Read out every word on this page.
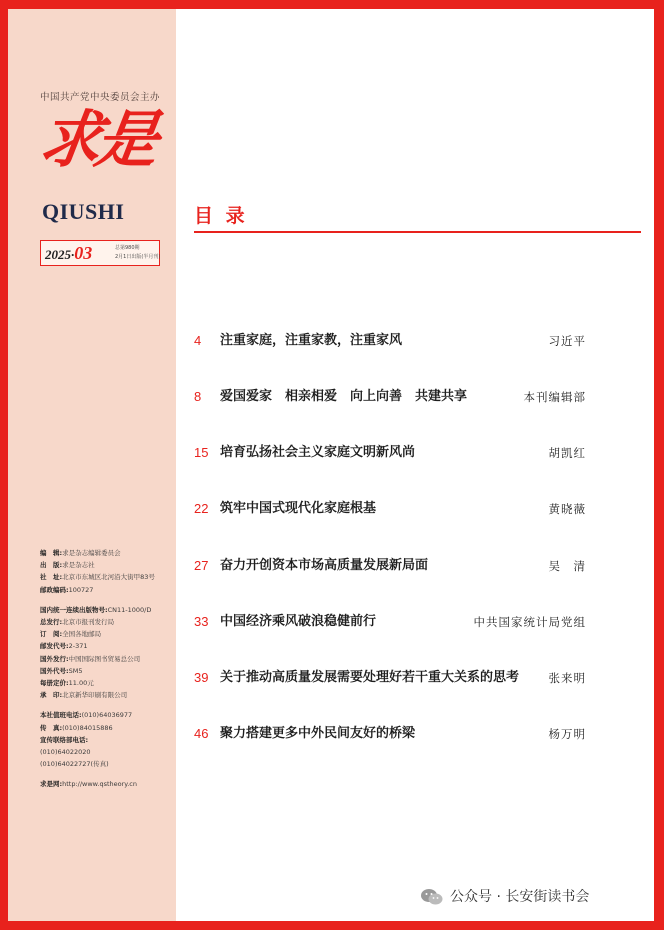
中国共产党中央委员会主办
求是
QIUSHI
2025·03	总第980期
2月1日出版(半月刊)
编　辑:求是杂志编辑委员会
出　版:求是杂志社
社　址:北京市东城区北河沿大街甲83号
邮政编码:100727
国内统一连续出版物号:CN11-1000/D
总发行:北京市报刊发行局
订　阅:全国各地邮局
邮发代号:2-371
国外发行:中国国际图书贸易总公司
国外代号:SM5
每册定价:11.00元
承　印:北京新华印刷有限公司
本社值班电话:(010)64036977
传　真:(010)84015886
宣传联络部电话:
(010)64022020
(010)64022727(传真)
求是网:http://www.qstheory.cn
目 录
4	注重家庭，注重家教，注重家风	习近平
8	爱国爱家　相亲相爱　向上向善　共建共享	本刊编辑部
15 培育弘扬社会主义家庭文明新风尚	胡凯红
22 筑牢中国式现代化家庭根基	黄晓薇
27 奋力开创资本市场高质量发展新局面	吴　清
33 中国经济乘风破浪稳健前行	中共国家统计局党组
39 关于推动高质量发展需要处理好若干重大关系的思考	张来明
46 聚力搭建更多中外民间友好的桥梁	杨万明
公众号 · 长安街读书会
